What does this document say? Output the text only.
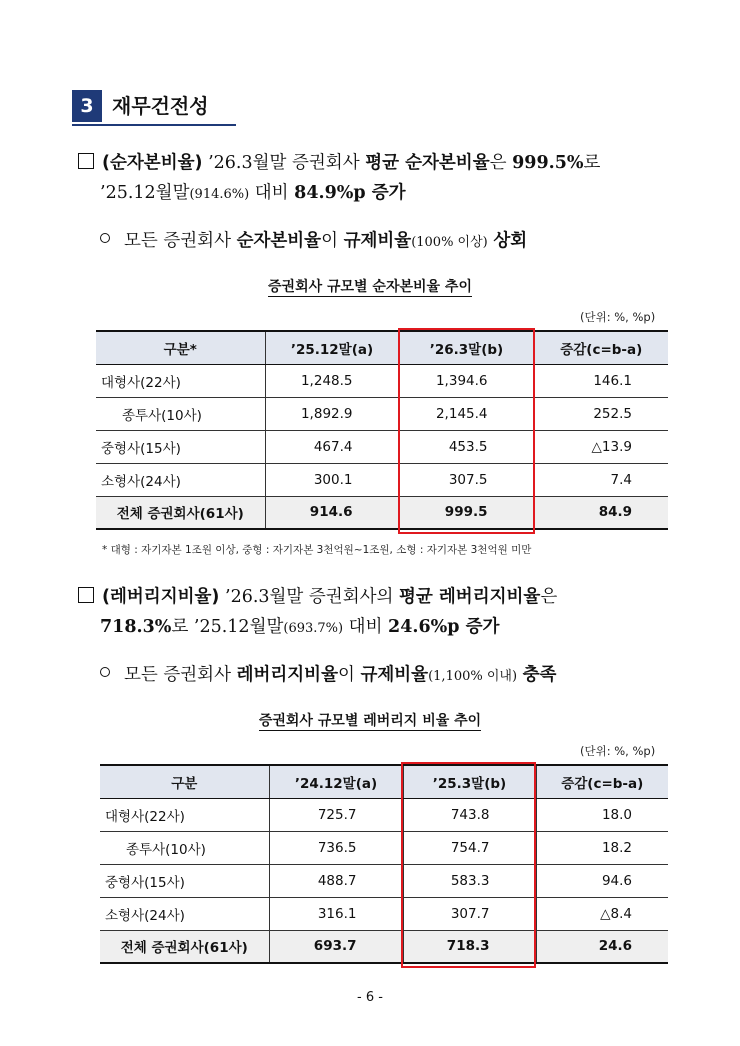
3 재무건전성
(순자본비율) ’26.3월말 증권회사 평균 순자본비율은 999.5%로
’25.12월말(914.6%) 대비 84.9%p 증가
모든 증권회사 순자본비율이 규제비율(100% 이상) 상회
증권회사 규모별 순자본비율 추이
(단위: %, %p)
구분*	’25.12말(a)	’26.3말(b)	증감(c=b-a)
대형사(22사)	1,248.5	1,394.6	146.1
종투사(10사)	1,892.9	2,145.4	252.5
중형사(15사)	467.4	453.5	△13.9
소형사(24사)	300.1	307.5	7.4
전체 증권회사(61사)	914.6	999.5	84.9
* 대형 : 자기자본 1조원 이상, 중형 : 자기자본 3천억원~1조원, 소형 : 자기자본 3천억원 미만
(레버리지비율) ’26.3월말 증권회사의 평균 레버리지비율은
718.3%로 ’25.12월말(693.7%) 대비 24.6%p 증가
모든 증권회사 레버리지비율이 규제비율(1,100% 이내) 충족
증권회사 규모별 레버리지 비율 추이
(단위: %, %p)
구분	’24.12말(a)	’25.3말(b)	증감(c=b-a)
대형사(22사)	725.7	743.8	18.0
종투사(10사)	736.5	754.7	18.2
중형사(15사)	488.7	583.3	94.6
소형사(24사)	316.1	307.7	△8.4
전체 증권회사(61사)	693.7	718.3	24.6
- 6 -
